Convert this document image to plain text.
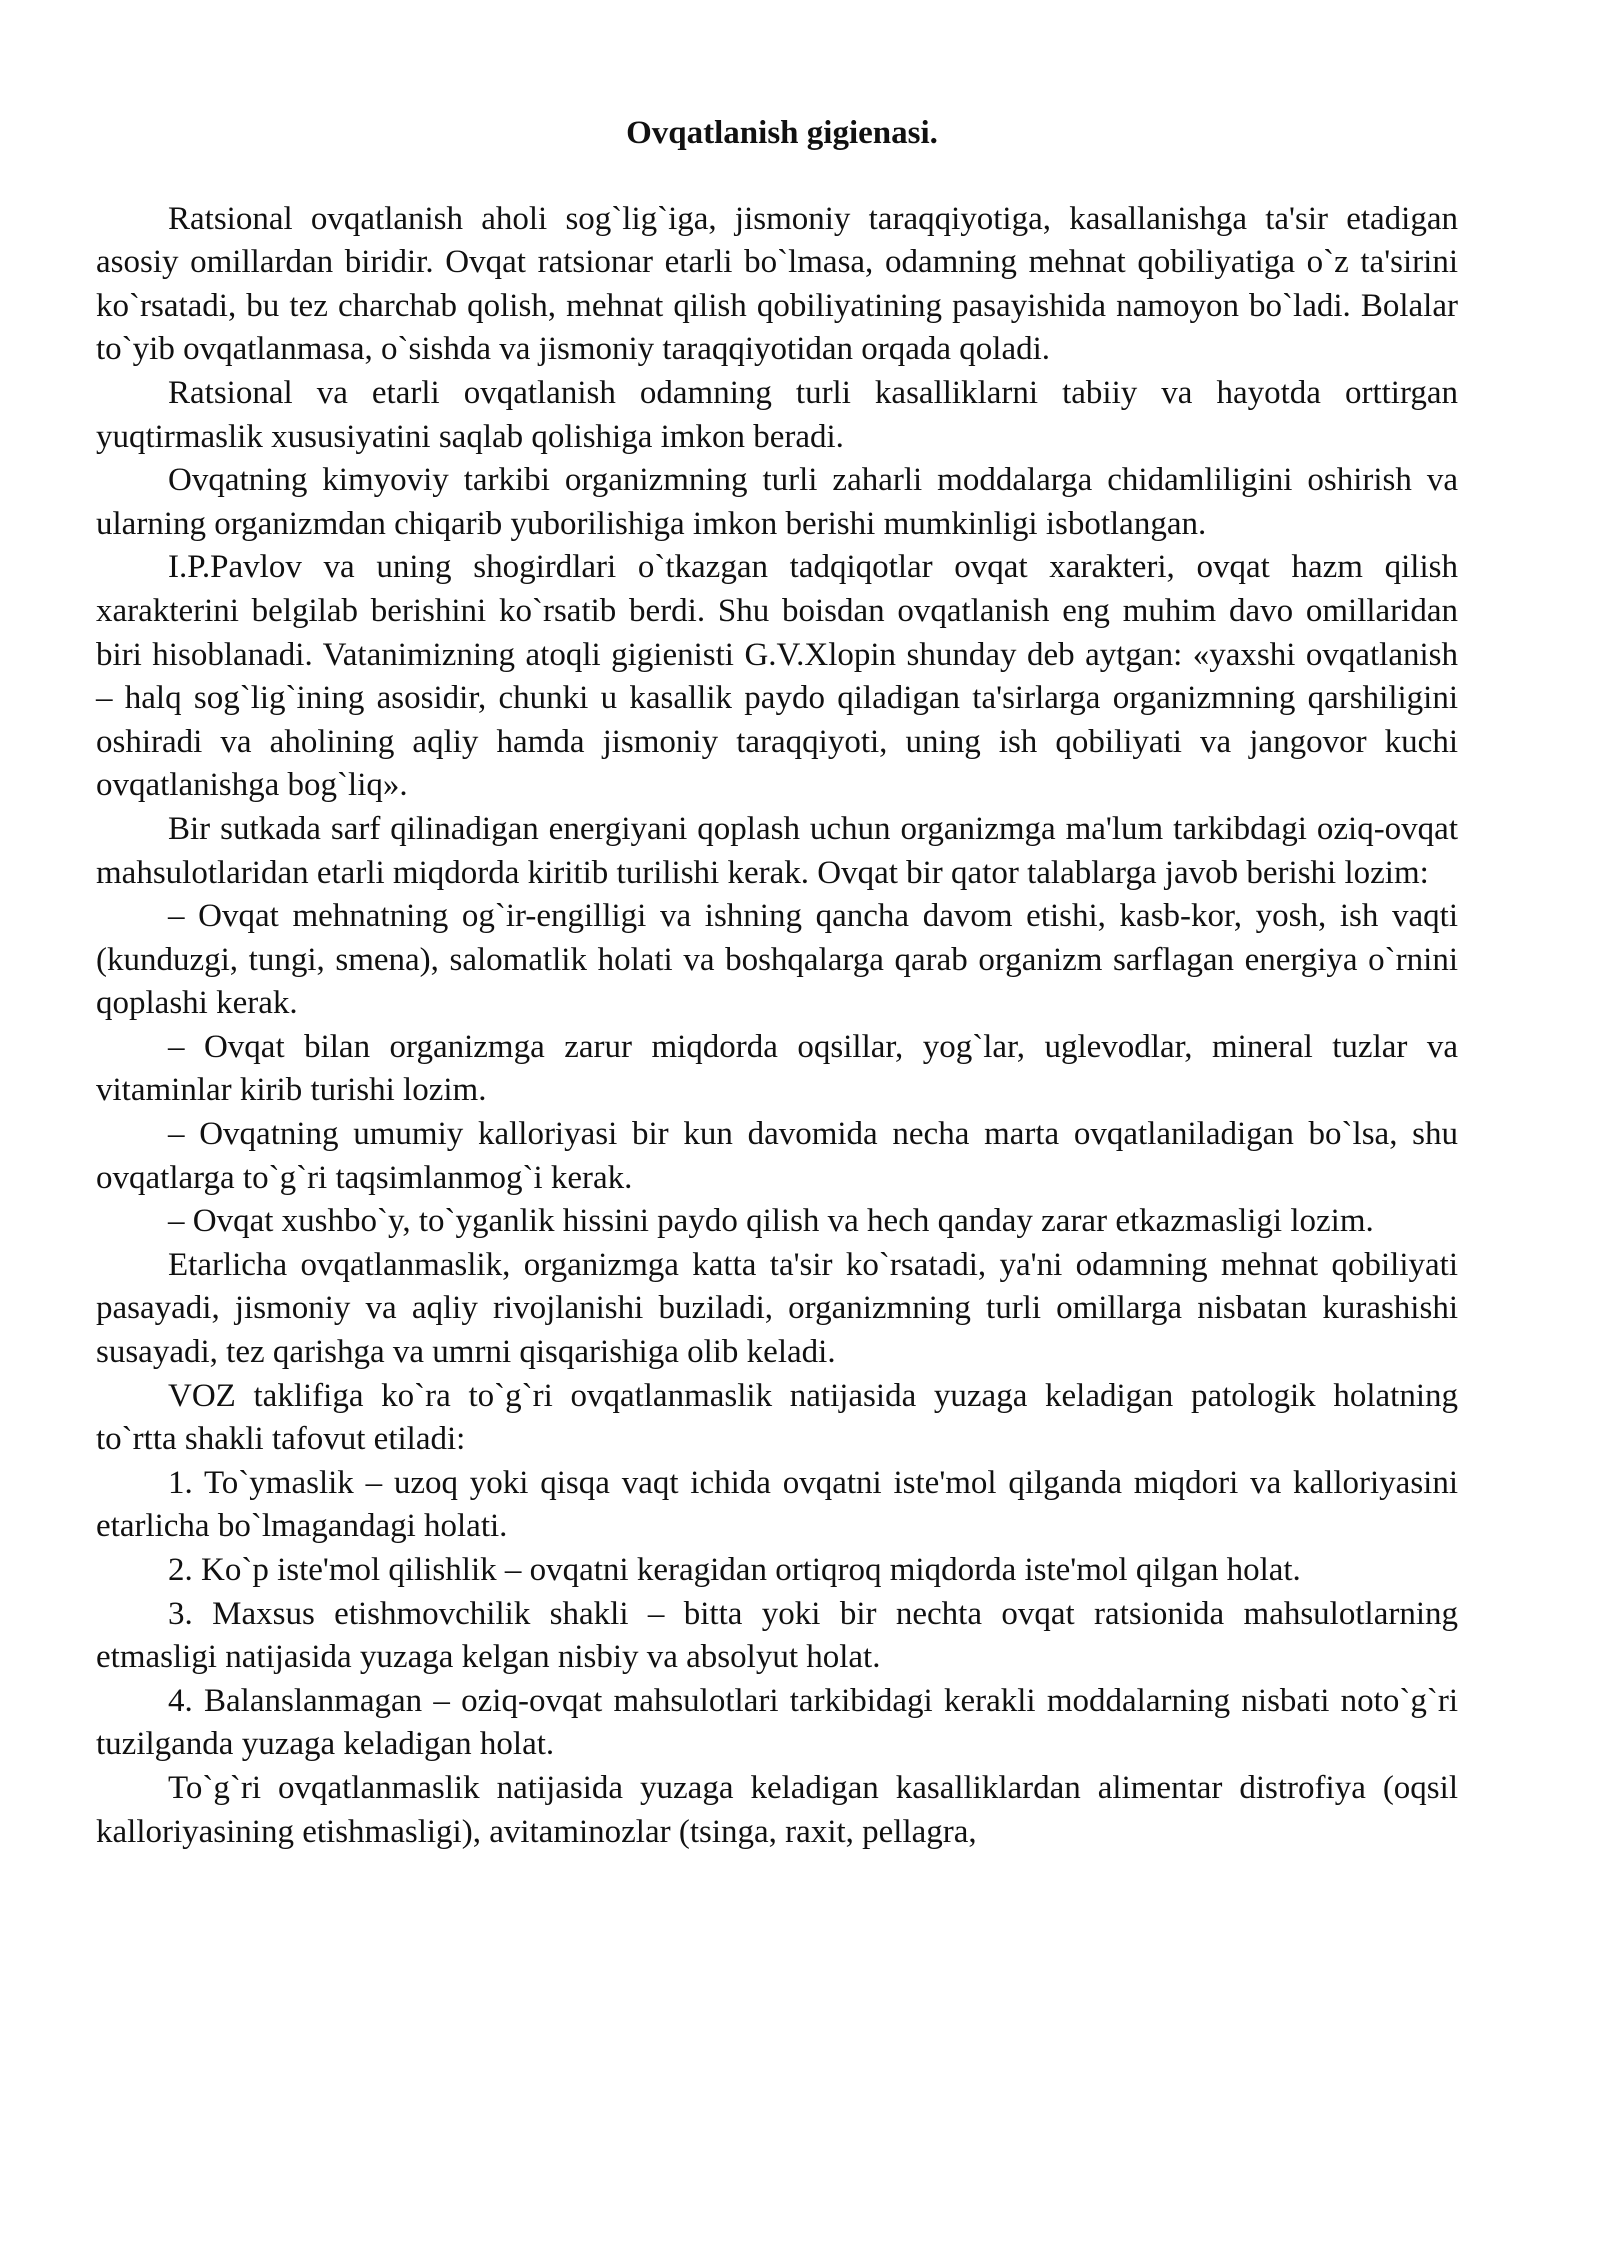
Ovqatlanish gigienasi.

Ratsional ovqatlanish aholi sog`lig`iga, jismoniy taraqqiyotiga, kasallanishga ta'sir etadigan asosiy omillardan biridir. Ovqat ratsionar etarli bo`lmasa, odamning mehnat qobiliyatiga o`z ta'sirini ko`rsatadi, bu tez charchab qolish, mehnat qilish qobiliyatining pasayishida namoyon bo`ladi. Bolalar to`yib ovqatlanmasa, o`sishda va jismoniy taraqqiyotidan orqada qoladi.

Ratsional va etarli ovqatlanish odamning turli kasalliklarni tabiiy va hayotda orttirgan yuqtirmaslik xususiyatini saqlab qolishiga imkon beradi.

Ovqatning kimyoviy tarkibi organizmning turli zaharli moddalarga chidamliligini oshirish va ularning organizmdan chiqarib yuborilishiga imkon berishi mumkinligi isbotlangan.

I.P.Pavlov va uning shogirdlari o`tkazgan tadqiqotlar ovqat xarakteri, ovqat hazm qilish xarakterini belgilab berishini ko`rsatib berdi. Shu boisdan ovqatlanish eng muhim davo omillaridan biri hisoblanadi. Vatanimizning atoqli gigienisti G.V.Xlopin shunday deb aytgan: «yaxshi ovqatlanish – halq sog`lig`ining asosidir, chunki u kasallik paydo qiladigan ta'sirlarga organizmning qarshiligini oshiradi va aholining aqliy hamda jismoniy taraqqiyoti, uning ish qobiliyati va jangovor kuchi ovqatlanishga bog`liq».

Bir sutkada sarf qilinadigan energiyani qoplash uchun organizmga ma'lum tarkibdagi oziq-ovqat mahsulotlaridan etarli miqdorda kiritib turilishi kerak. Ovqat bir qator talablarga javob berishi lozim:

– Ovqat mehnatning og`ir-engilligi va ishning qancha davom etishi, kasb-kor, yosh, ish vaqti (kunduzgi, tungi, smena), salomatlik holati va boshqalarga qarab organizm sarflagan energiya o`rnini qoplashi kerak.

– Ovqat bilan organizmga zarur miqdorda oqsillar, yog`lar, uglevodlar, mineral tuzlar va vitaminlar kirib turishi lozim.

– Ovqatning umumiy kalloriyasi bir kun davomida necha marta ovqatlaniladigan bo`lsa, shu ovqatlarga to`g`ri taqsimlanmog`i kerak.

– Ovqat xushbo`y, to`yganlik hissini paydo qilish va hech qanday zarar etkazmasligi lozim.

Etarlicha ovqatlanmaslik, organizmga katta ta'sir ko`rsatadi, ya'ni odamning mehnat qobiliyati pasayadi, jismoniy va aqliy rivojlanishi buziladi, organizmning turli omillarga nisbatan kurashishi susayadi, tez qarishga va umrni qisqarishiga olib keladi.

VOZ taklifiga ko`ra to`g`ri ovqatlanmaslik natijasida yuzaga keladigan patologik holatning to`rtta shakli tafovut etiladi:

1. To`ymaslik – uzoq yoki qisqa vaqt ichida ovqatni iste'mol qilganda miqdori va kalloriyasini etarlicha bo`lmagandagi holati.

2. Ko`p iste'mol qilishlik – ovqatni keragidan ortiqroq miqdorda iste'mol qilgan holat.

3. Maxsus etishmovchilik shakli – bitta yoki bir nechta ovqat ratsionida mahsulotlarning etmasligi natijasida yuzaga kelgan nisbiy va absolyut holat.

4. Balanslanmagan – oziq-ovqat mahsulotlari tarkibidagi kerakli moddalarning nisbati noto`g`ri tuzilganda yuzaga keladigan holat.

To`g`ri ovqatlanmaslik natijasida yuzaga keladigan kasalliklardan alimentar distrofiya (oqsil kalloriyasining etishmasligi), avitaminozlar (tsinga, raxit, pellagra,
